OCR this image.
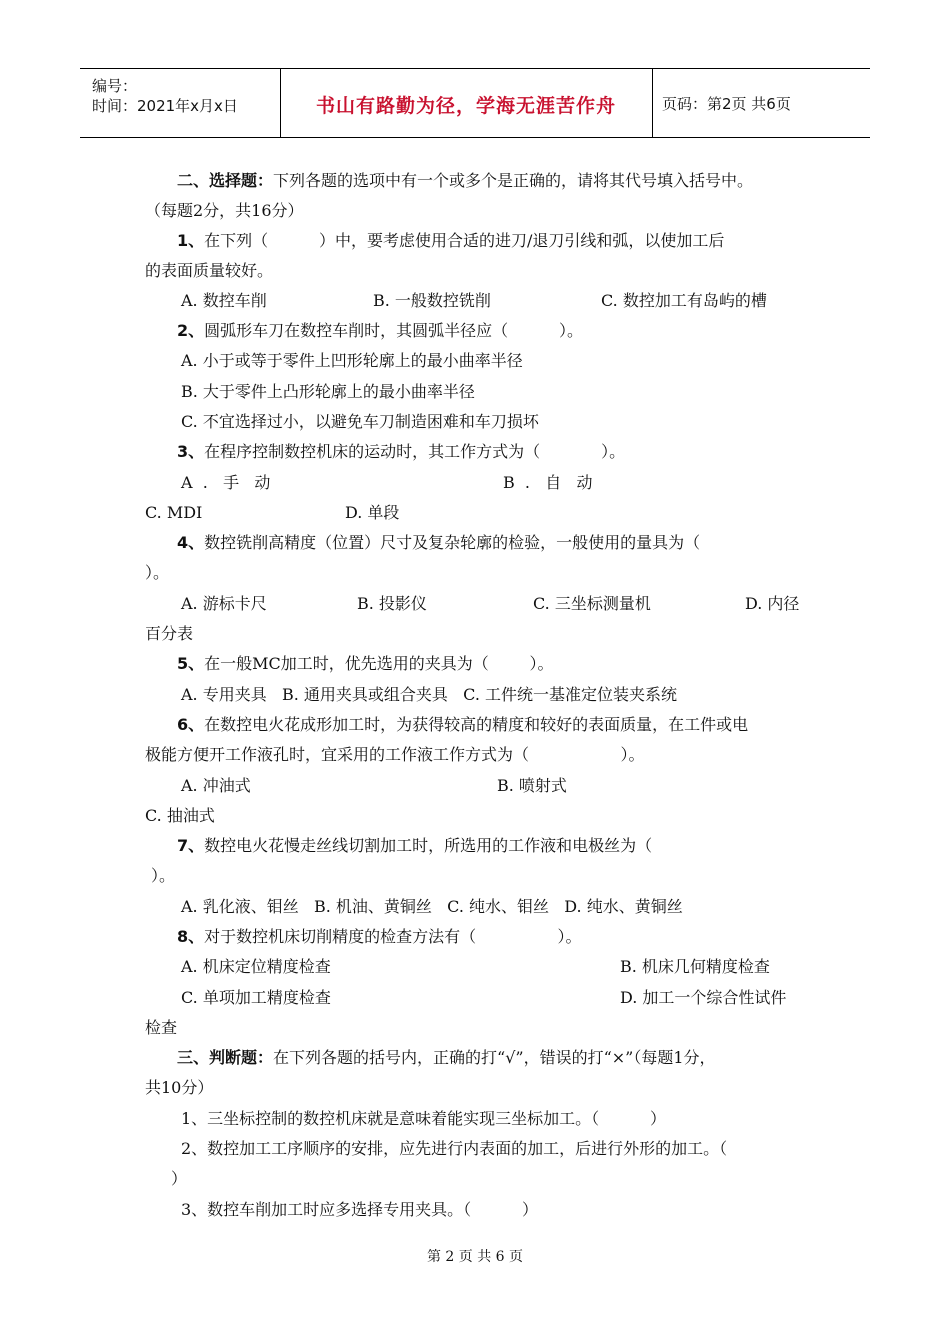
编号：
时间：2021年x月x日	书山有路勤为径，学海无涯苦作舟	页码：第2页 共6页
二、选择题：下列各题的选项中有一个或多个是正确的，请将其代号填入括号中。
（每题2分，共16分）
1、在下列（          ）中，要考虑使用合适的进刀/退刀引线和弧，以使加工后
的表面质量较好。
A. 数控车削	B. 一般数控铣削	C. 数控加工有岛屿的槽
2、圆弧形车刀在数控车削时，其圆弧半径应（          ）。
A. 小于或等于零件上凹形轮廓上的最小曲率半径
B. 大于零件上凸形轮廓上的最小曲率半径
C. 不宜选择过小，以避免车刀制造困难和车刀损坏
3、在程序控制数控机床的运动时，其工作方式为（            ）。
A  .   手   动	B  .   自   动
C. MDI	D. 单段
4、数控铣削高精度（位置）尺寸及复杂轮廓的检验，一般使用的量具为（
）。
A. 游标卡尺	B. 投影仪	C. 三坐标测量机	D. 内径
百分表
5、在一般MC加工时，优先选用的夹具为（        ）。
A. 专用夹具   B. 通用夹具或组合夹具   C. 工件统一基准定位装夹系统
6、在数控电火花成形加工时，为获得较高的精度和较好的表面质量，在工件或电
极能方便开工作液孔时，宜采用的工作液工作方式为（                  ）。
A. 冲油式	B. 喷射式
C. 抽油式
7、数控电火花慢走丝线切割加工时，所选用的工作液和电极丝为（
）。
A. 乳化液、钼丝   B. 机油、黄铜丝   C. 纯水、钼丝   D. 纯水、黄铜丝
8、对于数控机床切削精度的检查方法有（                ）。
A. 机床定位精度检查	B. 机床几何精度检查
C. 单项加工精度检查	D. 加工一个综合性试件
检查
三、判断题：在下列各题的括号内，正确的打“√”，错误的打“×”（每题1分，
共10分）
1、三坐标控制的数控机床就是意味着能实现三坐标加工。（          ）
2、数控加工工序顺序的安排，应先进行内表面的加工，后进行外形的加工。（
）
3、数控车削加工时应多选择专用夹具。（          ）
第 2 页 共 6 页
